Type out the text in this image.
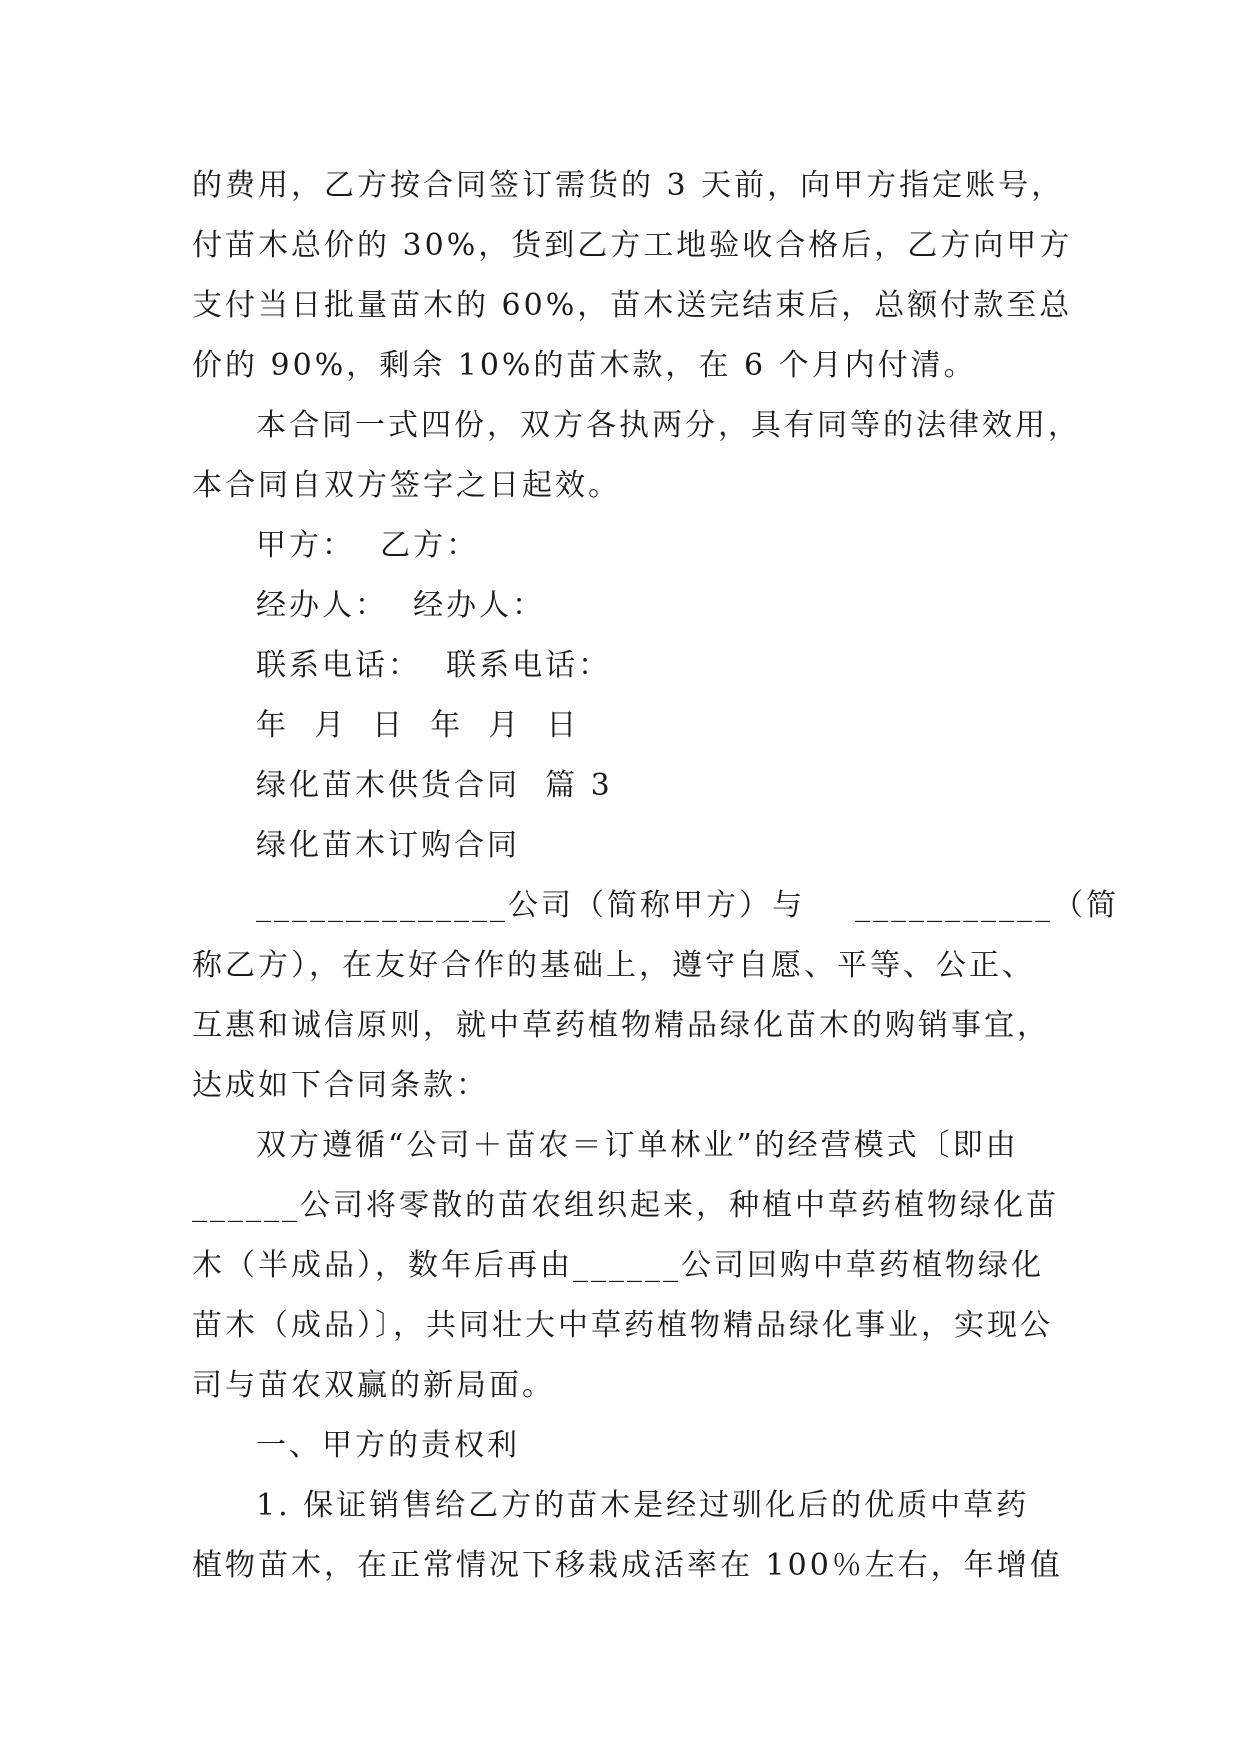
的费用，乙方按合同签订需货的 3 天前，向甲方指定账号，
付苗木总价的 30%，货到乙方工地验收合格后，乙方向甲方
支付当日批量苗木的 60%，苗木送完结束后，总额付款至总
价的 90%，剩余 10%的苗木款，在 6 个月内付清。
本合同一式四份，双方各执两分，具有同等的法律效用，
本合同自双方签字之日起效。
甲方：  乙方：
经办人：  经办人：
联系电话：  联系电话：
年  月  日  年  月  日
绿化苗木供货合同  篇 3
绿化苗木订购合同
______________公司（简称甲方）与    ___________（简
称乙方），在友好合作的基础上，遵守自愿、平等、公正、
互惠和诚信原则，就中草药植物精品绿化苗木的购销事宜，
达成如下合同条款：
双方遵循“公司＋苗农＝订单林业”的经营模式〔即由
______公司将零散的苗农组织起来，种植中草药植物绿化苗
木（半成品），数年后再由______公司回购中草药植物绿化
苗木（成品）〕，共同壮大中草药植物精品绿化事业，实现公
司与苗农双赢的新局面。
一、甲方的责权利
1. 保证销售给乙方的苗木是经过驯化后的优质中草药
植物苗木，在正常情况下移栽成活率在 100％左右，年增值
